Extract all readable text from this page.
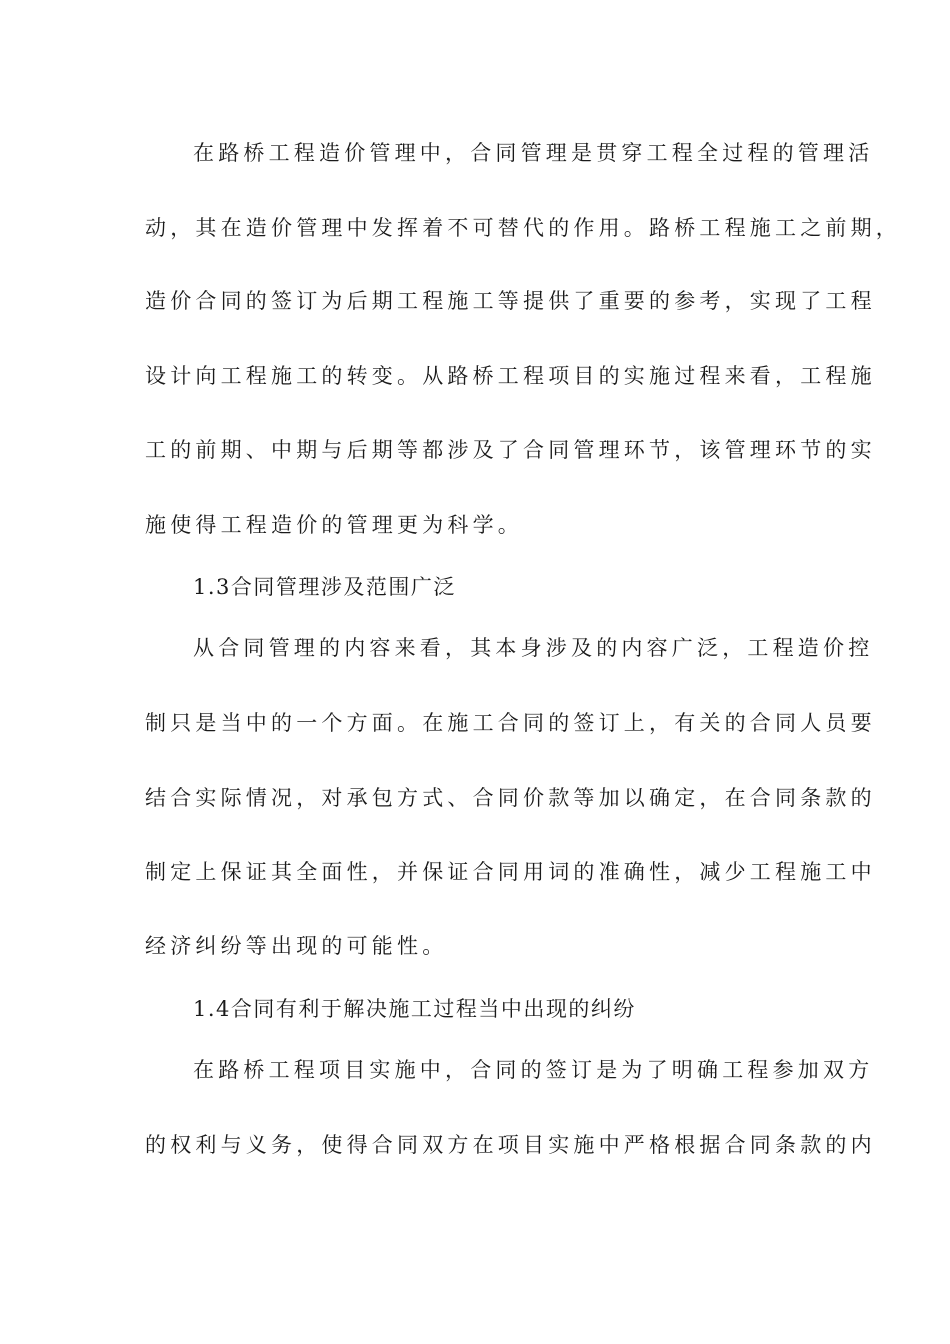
在路桥工程造价管理中，合同管理是贯穿工程全过程的管理活
动，其在造价管理中发挥着不可替代的作用。路桥工程施工之前期，
造价合同的签订为后期工程施工等提供了重要的参考，实现了工程
设计向工程施工的转变。从路桥工程项目的实施过程来看，工程施
工的前期、中期与后期等都涉及了合同管理环节，该管理环节的实
施使得工程造价的管理更为科学。
1.3合同管理涉及范围广泛
从合同管理的内容来看，其本身涉及的内容广泛，工程造价控
制只是当中的一个方面。在施工合同的签订上，有关的合同人员要
结合实际情况，对承包方式、合同价款等加以确定，在合同条款的
制定上保证其全面性，并保证合同用词的准确性，减少工程施工中
经济纠纷等出现的可能性。
1.4合同有利于解决施工过程当中出现的纠纷
在路桥工程项目实施中，合同的签订是为了明确工程参加双方
的权利与义务，使得合同双方在项目实施中严格根据合同条款的内
